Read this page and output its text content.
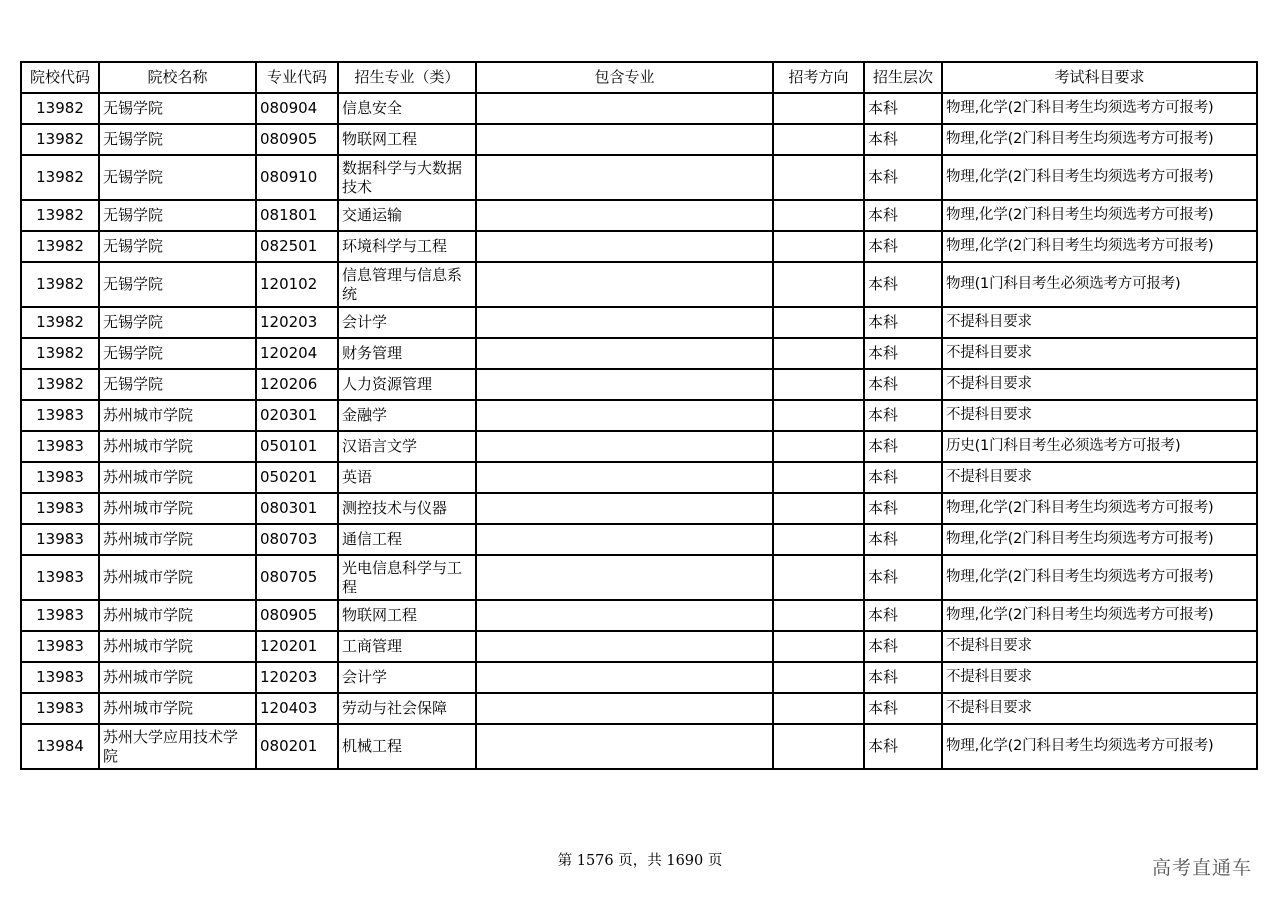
院校代码	院校名称	专业代码	招生专业（类）	包含专业	招考方向	招生层次	考试科目要求
13982	无锡学院	080904	信息安全			本科	物理,化学(2门科目考生均须选考方可报考)
13982	无锡学院	080905	物联网工程			本科	物理,化学(2门科目考生均须选考方可报考)
13982	无锡学院	080910	数据科学与大数据技术			本科	物理,化学(2门科目考生均须选考方可报考)
13982	无锡学院	081801	交通运输			本科	物理,化学(2门科目考生均须选考方可报考)
13982	无锡学院	082501	环境科学与工程			本科	物理,化学(2门科目考生均须选考方可报考)
13982	无锡学院	120102	信息管理与信息系统			本科	物理(1门科目考生必须选考方可报考)
13982	无锡学院	120203	会计学			本科	不提科目要求
13982	无锡学院	120204	财务管理			本科	不提科目要求
13982	无锡学院	120206	人力资源管理			本科	不提科目要求
13983	苏州城市学院	020301	金融学			本科	不提科目要求
13983	苏州城市学院	050101	汉语言文学			本科	历史(1门科目考生必须选考方可报考)
13983	苏州城市学院	050201	英语			本科	不提科目要求
13983	苏州城市学院	080301	测控技术与仪器			本科	物理,化学(2门科目考生均须选考方可报考)
13983	苏州城市学院	080703	通信工程			本科	物理,化学(2门科目考生均须选考方可报考)
13983	苏州城市学院	080705	光电信息科学与工程			本科	物理,化学(2门科目考生均须选考方可报考)
13983	苏州城市学院	080905	物联网工程			本科	物理,化学(2门科目考生均须选考方可报考)
13983	苏州城市学院	120201	工商管理			本科	不提科目要求
13983	苏州城市学院	120203	会计学			本科	不提科目要求
13983	苏州城市学院	120403	劳动与社会保障			本科	不提科目要求
13984	苏州大学应用技术学院	080201	机械工程			本科	物理,化学(2门科目考生均须选考方可报考)
第 1576 页，共 1690 页	高考直通车
